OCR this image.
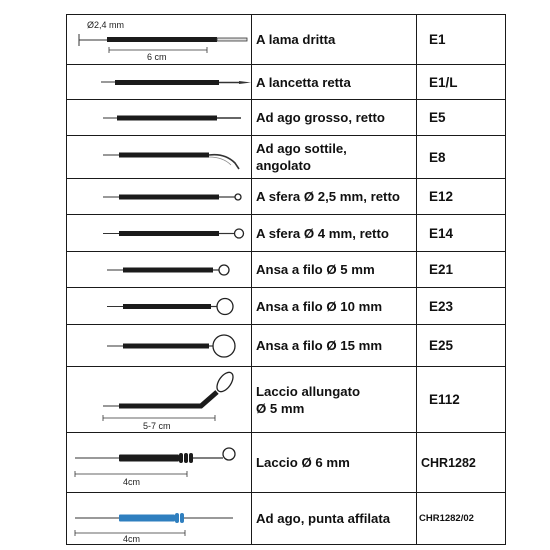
Ø2,4 mm
6 cm	A lama dritta	E1

	A lancetta retta	E1/L

	Ad ago grosso, retto	E5

Ad ago sottile,
angolato	E8

	A sfera Ø 2,5 mm, retto	E12

	A sfera Ø 4 mm, retto	E14

	Ansa a filo Ø 5 mm	E21

	Ansa a filo Ø 10 mm	E23

	Ansa a filo Ø 15 mm	E25

5-7 cm	Laccio allungato
Ø 5 mm	E112

4cm	Laccio Ø 6 mm	CHR1282

4cm	Ad ago, punta affilata	CHR1282/02
